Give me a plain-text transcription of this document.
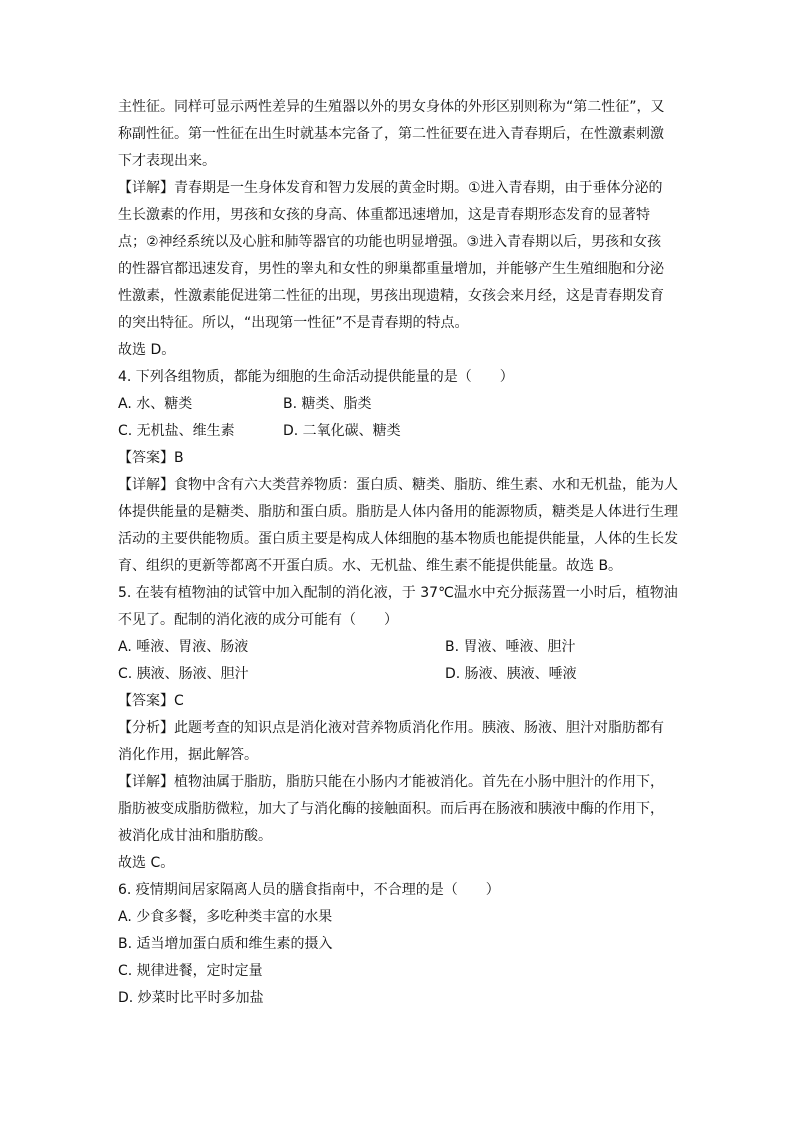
主性征。同样可显示两性差异的生殖器以外的男女身体的外形区别则称为“第二性征”，又
称副性征。第一性征在出生时就基本完备了，第二性征要在进入青春期后，在性激素刺激
下才表现出来。
【详解】青春期是一生身体发育和智力发展的黄金时期。①进入青春期，由于垂体分泌的
生长激素的作用，男孩和女孩的身高、体重都迅速增加，这是青春期形态发育的显著特
点；②神经系统以及心脏和肺等器官的功能也明显增强。③进入青春期以后，男孩和女孩
的性器官都迅速发育，男性的睾丸和女性的卵巢都重量增加，并能够产生生殖细胞和分泌
性激素，性激素能促进第二性征的出现，男孩出现遗精，女孩会来月经，这是青春期发育
的突出特征。所以，“出现第一性征”不是青春期的特点。
故选 D。
4. 下列各组物质，都能为细胞的生命活动提供能量的是（　　）
A. 水、糖类	B. 糖类、脂类
C. 无机盐、维生素	D. 二氧化碳、糖类
【答案】B
【详解】食物中含有六大类营养物质：蛋白质、糖类、脂肪、维生素、水和无机盐，能为人
体提供能量的是糖类、脂肪和蛋白质。脂肪是人体内备用的能源物质，糖类是人体进行生理
活动的主要供能物质。蛋白质主要是构成人体细胞的基本物质也能提供能量，人体的生长发
育、组织的更新等都离不开蛋白质。水、无机盐、维生素不能提供能量。故选 B。
5. 在装有植物油的试管中加入配制的消化液，于 37℃温水中充分振荡置一小时后，植物油
不见了。配制的消化液的成分可能有（　　）
A. 唾液、胃液、肠液	B. 胃液、唾液、胆汁
C. 胰液、肠液、胆汁	D. 肠液、胰液、唾液
【答案】C
【分析】此题考查的知识点是消化液对营养物质消化作用。胰液、肠液、胆汁对脂肪都有
消化作用，据此解答。
【详解】植物油属于脂肪，脂肪只能在小肠内才能被消化。首先在小肠中胆汁的作用下，
脂肪被变成脂肪微粒，加大了与消化酶的接触面积。而后再在肠液和胰液中酶的作用下，
被消化成甘油和脂肪酸。
故选 C。
6. 疫情期间居家隔离人员的膳食指南中，不合理的是（　　）
A. 少食多餐，多吃种类丰富的水果
B. 适当增加蛋白质和维生素的摄入
C. 规律进餐，定时定量
D. 炒菜时比平时多加盐
